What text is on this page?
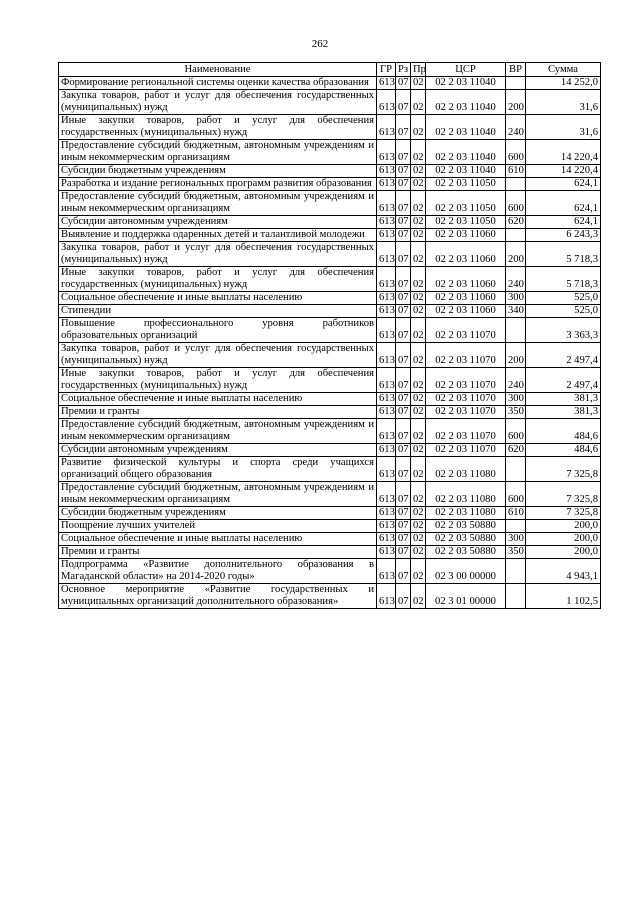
262
Наименование	ГР	Рз	Пр	ЦСР	ВР	Сумма
Формирование региональной системы оценки качества образования	613	07	02	02 2 03 11040		14 252,0
Закупка товаров, работ и услуг для обеспечения государственных (муниципальных) нужд	613	07	02	02 2 03 11040	200	31,6
Иные закупки товаров, работ и услуг для обеспечения государственных (муниципальных) нужд	613	07	02	02 2 03 11040	240	31,6
Предоставление субсидий бюджетным, автономным учреждениям и иным некоммерческим организациям	613	07	02	02 2 03 11040	600	14 220,4
Субсидии бюджетным учреждениям	613	07	02	02 2 03 11040	610	14 220,4
Разработка и издание региональных программ развития образования	613	07	02	02 2 03 11050		624,1
Предоставление субсидий бюджетным, автономным учреждениям и иным некоммерческим организациям	613	07	02	02 2 03 11050	600	624,1
Субсидии автономным учреждениям	613	07	02	02 2 03 11050	620	624,1
Выявление и поддержка одаренных детей и талантливой молодежи	613	07	02	02 2 03 11060		6 243,3
Закупка товаров, работ и услуг для обеспечения государственных (муниципальных) нужд	613	07	02	02 2 03 11060	200	5 718,3
Иные закупки товаров, работ и услуг для обеспечения государственных (муниципальных) нужд	613	07	02	02 2 03 11060	240	5 718,3
Социальное обеспечение и иные выплаты населению	613	07	02	02 2 03 11060	300	525,0
Стипендии	613	07	02	02 2 03 11060	340	525,0
Повышение профессионального уровня работников образовательных организаций	613	07	02	02 2 03 11070		3 363,3
Закупка товаров, работ и услуг для обеспечения государственных (муниципальных) нужд	613	07	02	02 2 03 11070	200	2 497,4
Иные закупки товаров, работ и услуг для обеспечения государственных (муниципальных) нужд	613	07	02	02 2 03 11070	240	2 497,4
Социальное обеспечение и иные выплаты населению	613	07	02	02 2 03 11070	300	381,3
Премии и гранты	613	07	02	02 2 03 11070	350	381,3
Предоставление субсидий бюджетным, автономным учреждениям и иным некоммерческим организациям	613	07	02	02 2 03 11070	600	484,6
Субсидии автономным учреждениям	613	07	02	02 2 03 11070	620	484,6
Развитие физической культуры и спорта среди учащихся организаций общего образования	613	07	02	02 2 03 11080		7 325,8
Предоставление субсидий бюджетным, автономным учреждениям и иным некоммерческим организациям	613	07	02	02 2 03 11080	600	7 325,8
Субсидии бюджетным учреждениям	613	07	02	02 2 03 11080	610	7 325,8
Поощрение лучших учителей	613	07	02	02 2 03 50880		200,0
Социальное обеспечение и иные выплаты населению	613	07	02	02 2 03 50880	300	200,0
Премии и гранты	613	07	02	02 2 03 50880	350	200,0
Подпрограмма «Развитие дополнительного образования в Магаданской области» на 2014-2020 годы»	613	07	02	02 3 00 00000		4 943,1
Основное мероприятие «Развитие государственных и муниципальных организаций дополнительного образования»	613	07	02	02 3 01 00000		1 102,5
